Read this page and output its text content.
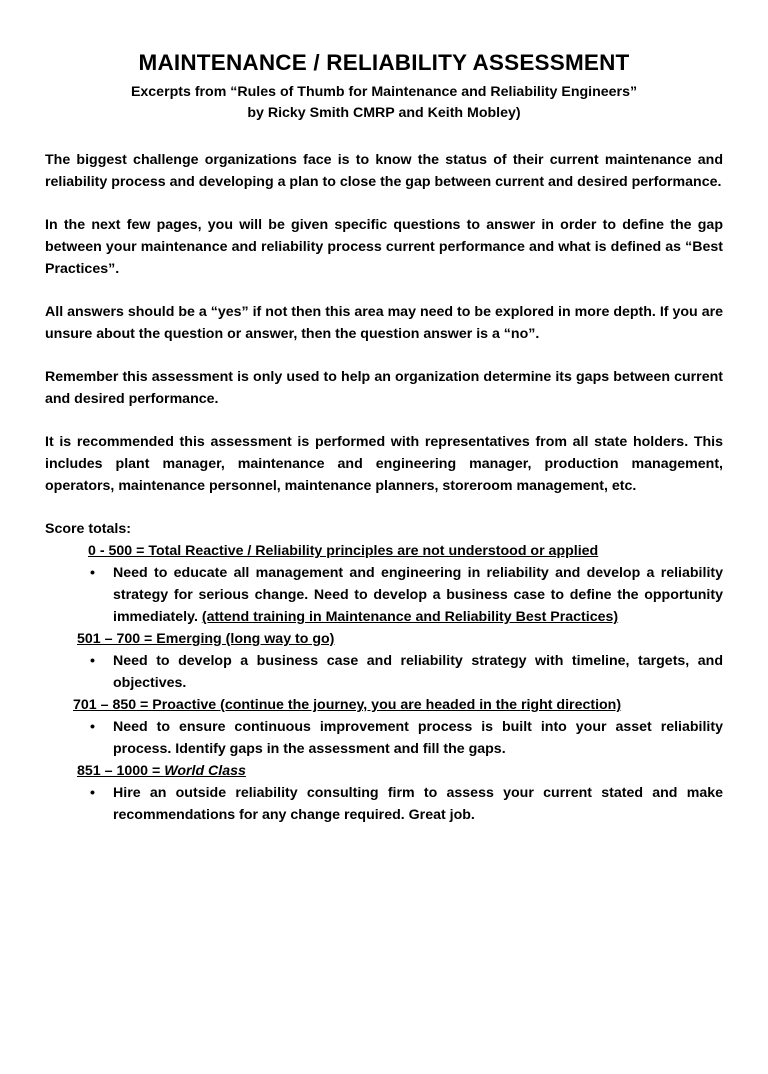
MAINTENANCE / RELIABILITY ASSESSMENT
Excerpts from “Rules of Thumb for Maintenance and Reliability Engineers”
by Ricky Smith CMRP and Keith Mobley)

The biggest challenge organizations face is to know the status of their current maintenance and reliability process and developing a plan to close the gap between current and desired performance.

In the next few pages, you will be given specific questions to answer in order to define the gap between your maintenance and reliability process current performance and what is defined as “Best Practices”.

All answers should be a “yes” if not then this area may need to be explored in more depth. If you are unsure about the question or answer, then the question answer is a “no”.

Remember this assessment is only used to help an organization determine its gaps between current and desired performance.

It is recommended this assessment is performed with representatives from all state holders. This includes plant manager, maintenance and engineering manager, production management, operators, maintenance personnel, maintenance planners, storeroom management, etc.

Score totals:
0 - 500 = Total Reactive / Reliability principles are not understood or applied
• Need to educate all management and engineering in reliability and develop a reliability strategy for serious change. Need to develop a business case to define the opportunity immediately. (attend training in Maintenance and Reliability Best Practices)
501 – 700 = Emerging (long way to go)
• Need to develop a business case and reliability strategy with timeline, targets, and objectives.
701 – 850 = Proactive (continue the journey, you are headed in the right direction)
• Need to ensure continuous improvement process is built into your asset reliability process. Identify gaps in the assessment and fill the gaps.
851 – 1000 = World Class
• Hire an outside reliability consulting firm to assess your current stated and make recommendations for any change required. Great job.
